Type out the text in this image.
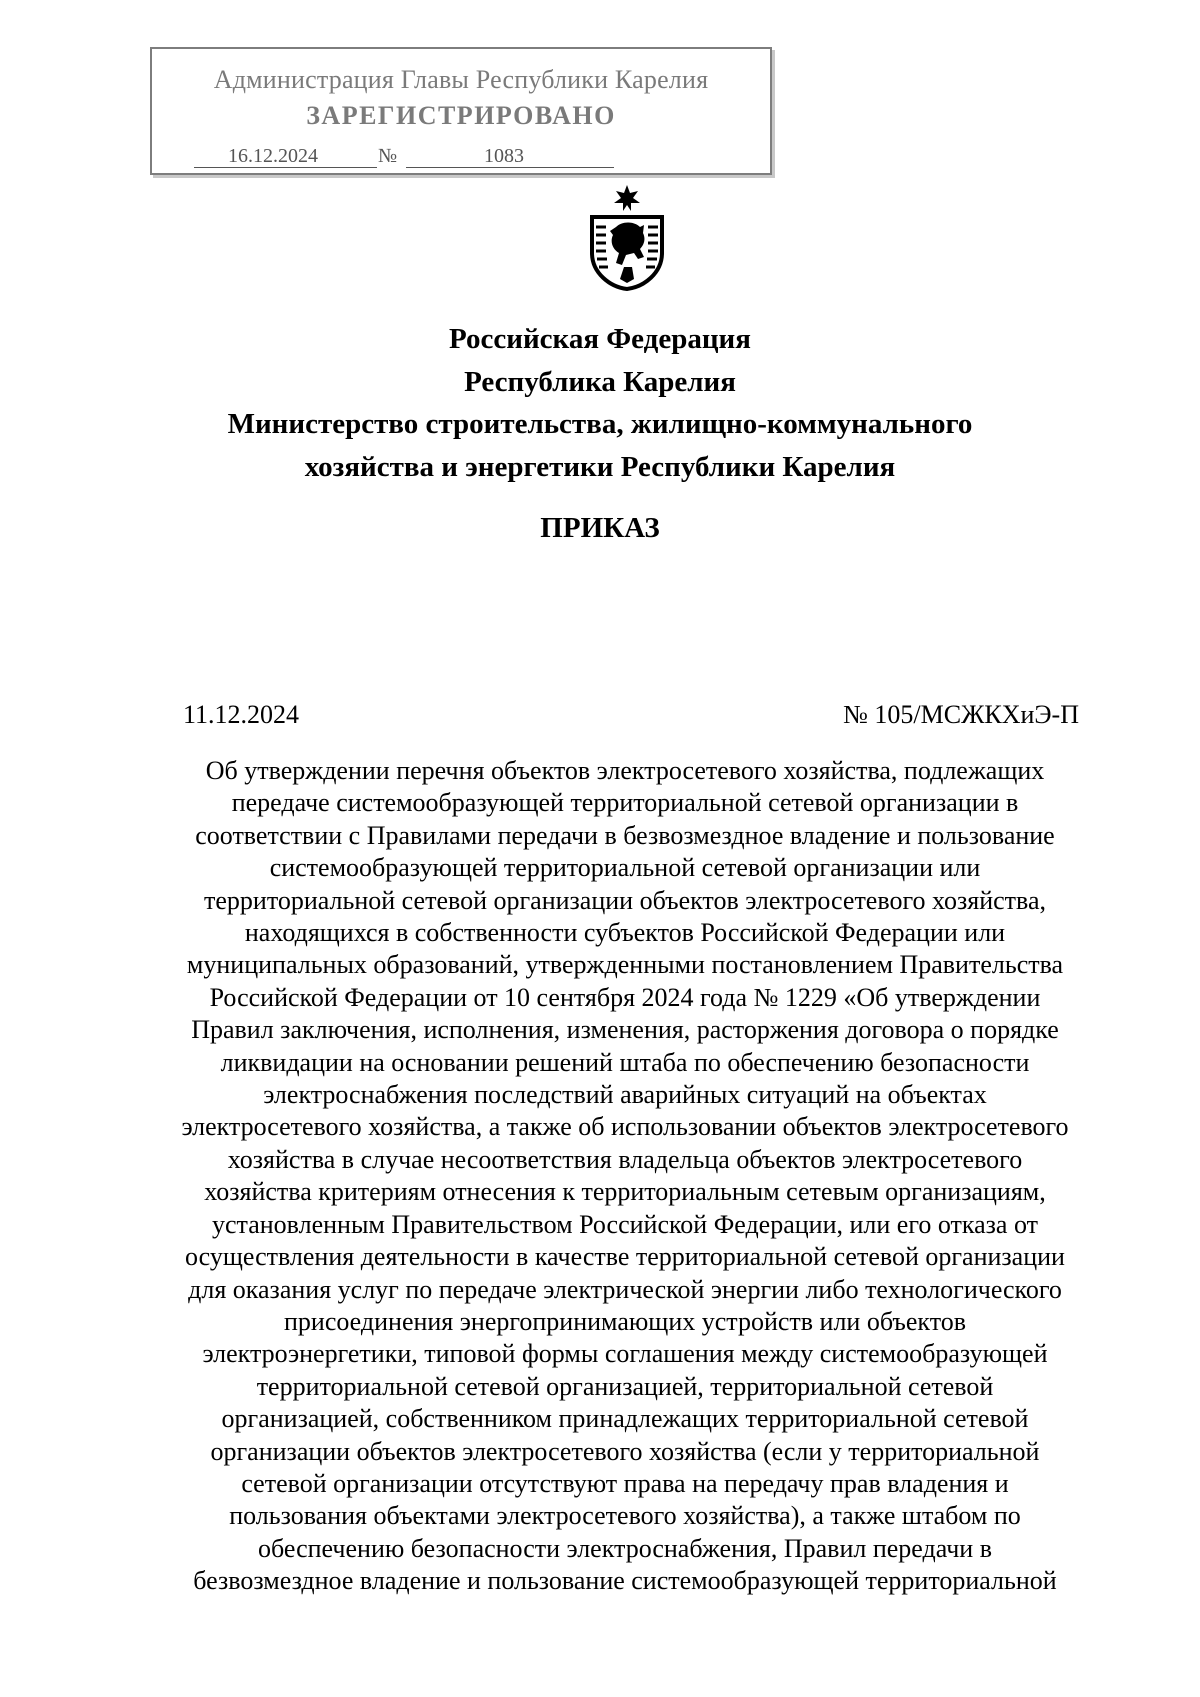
Администрация Главы Республики Карелия
ЗАРЕГИСТРИРОВАНО
16.12.2024	№	1083
Российская Федерация
Республика Карелия
Министерство строительства, жилищно-коммунального
хозяйства и энергетики Республики Карелия
ПРИКАЗ
11.12.2024	№ 105/МСЖКХиЭ-П
Об утверждении перечня объектов электросетевого хозяйства, подлежащих
передаче системообразующей территориальной сетевой организации в
соответствии с Правилами передачи в безвозмездное владение и пользование
системообразующей территориальной сетевой организации или
территориальной сетевой организации объектов электросетевого хозяйства,
находящихся в собственности субъектов Российской Федерации или
муниципальных образований, утвержденными постановлением Правительства
Российской Федерации от 10 сентября 2024 года № 1229 «Об утверждении
Правил заключения, исполнения, изменения, расторжения договора о порядке
ликвидации на основании решений штаба по обеспечению безопасности
электроснабжения последствий аварийных ситуаций на объектах
электросетевого хозяйства, а также об использовании объектов электросетевого
хозяйства в случае несоответствия владельца объектов электросетевого
хозяйства критериям отнесения к территориальным сетевым организациям,
установленным Правительством Российской Федерации, или его отказа от
осуществления деятельности в качестве территориальной сетевой организации
для оказания услуг по передаче электрической энергии либо технологического
присоединения энергопринимающих устройств или объектов
электроэнергетики, типовой формы соглашения между системообразующей
территориальной сетевой организацией, территориальной сетевой
организацией, собственником принадлежащих территориальной сетевой
организации объектов электросетевого хозяйства (если у территориальной
сетевой организации отсутствуют права на передачу прав владения и
пользования объектами электросетевого хозяйства), а также штабом по
обеспечению безопасности электроснабжения, Правил передачи в
безвозмездное владение и пользование системообразующей территориальной
